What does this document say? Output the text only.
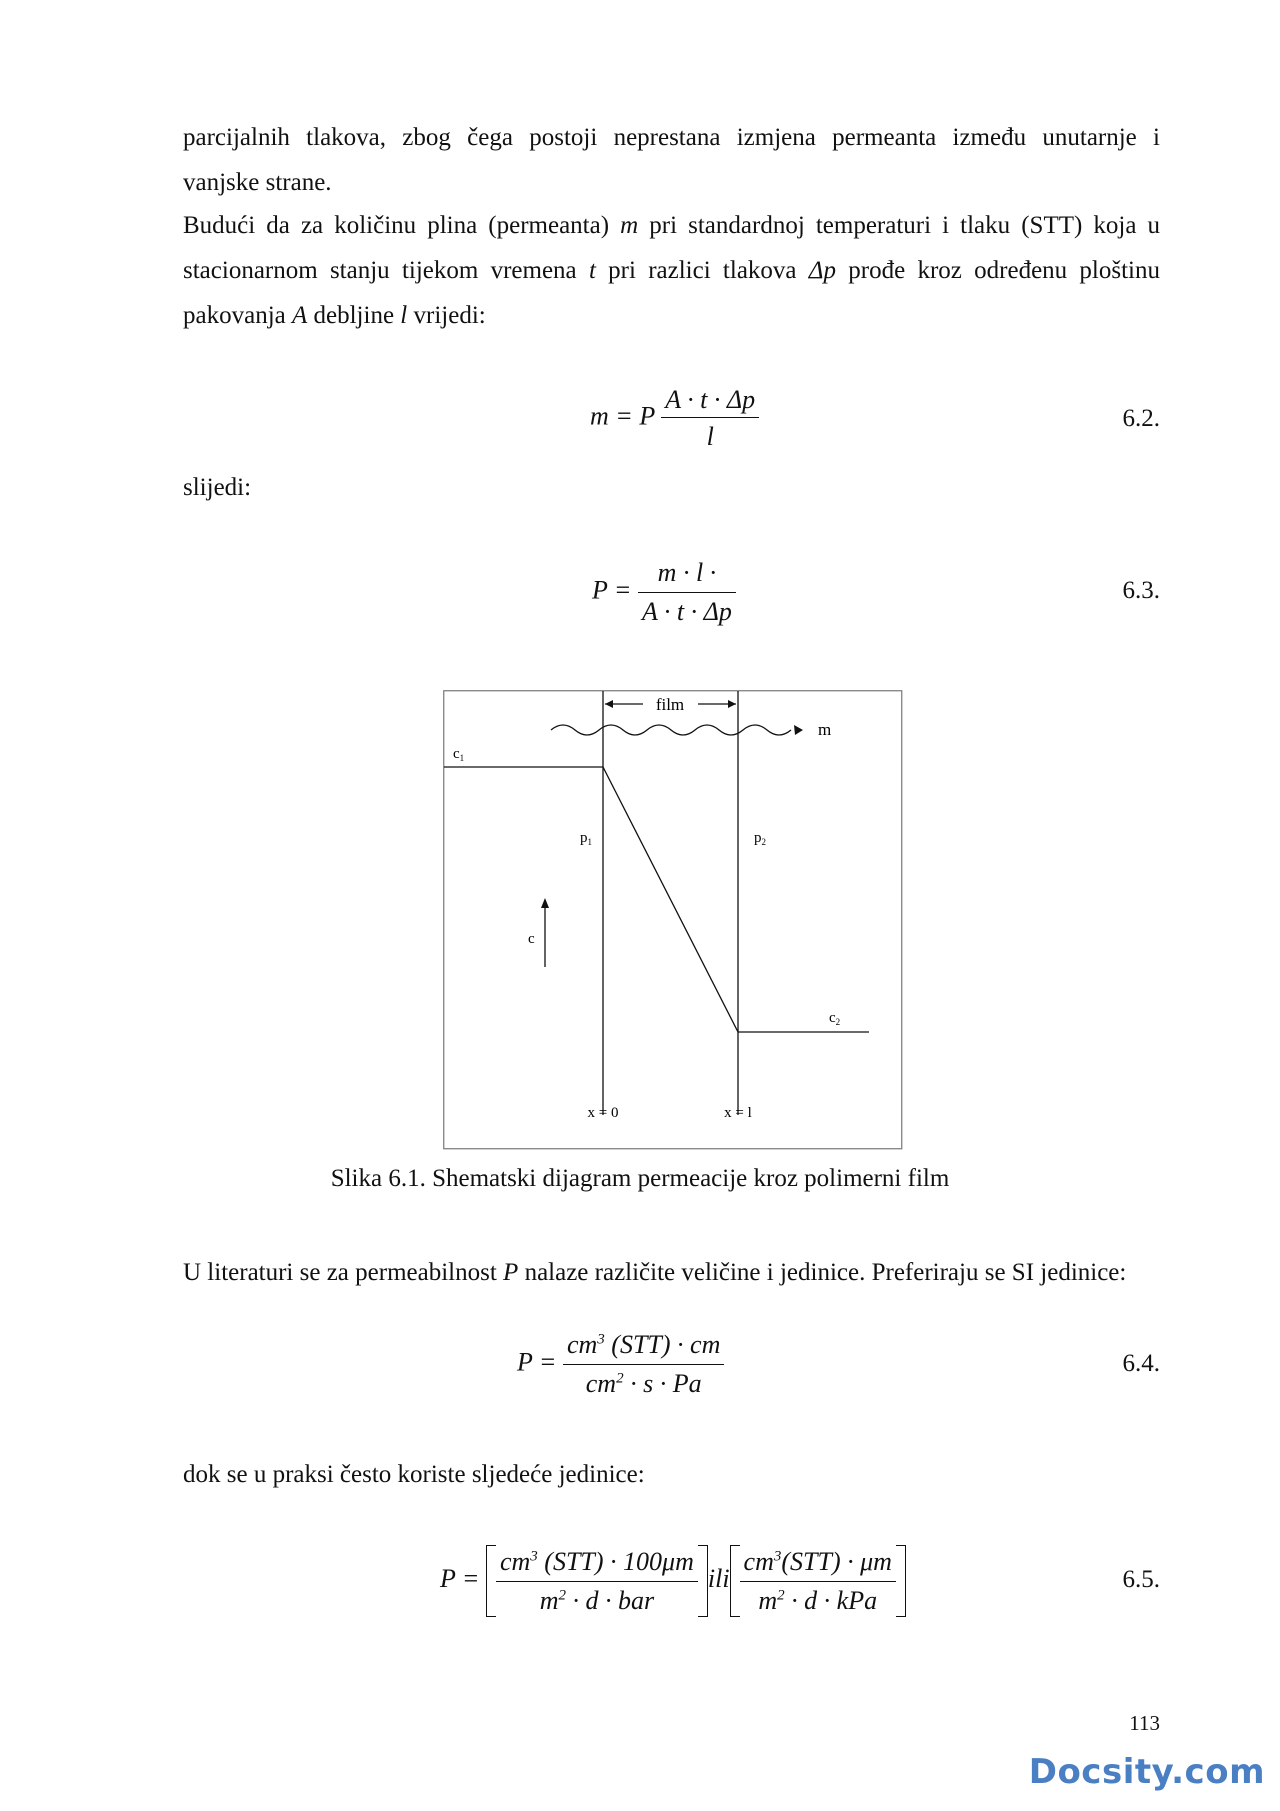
parcijalnih tlakova, zbog čega postoji neprestana izmjena permeanta između unutarnje i
vanjske strane.

Budući da za količinu plina (permeanta) m pri standardnoj temperaturi i tlaku (STT) koja u stacionarnom stanju tijekom vremena t pri razlici tlakova Δp prođe kroz određenu ploštinu pakovanja A debljine l vrijedi:

m = P $\frac{A \cdot t \cdot \Delta p}{l}$	6.2.
slijedi:
$P = \frac{m \cdot l \cdot}{A \cdot t \cdot \Delta p}$	6.3.
film
m
$c_1$
$p_1$	$p_2$
c
$c_2$
x = 0	x = l
Slika 6.1. Shematski dijagram permeacije kroz polimerni film

U literaturi se za permeabilnost P nalaze različite veličine i jedinice. Preferiraju se SI jedinice:

$P = \frac{cm^3 (STT) \cdot cm}{cm^2 \cdot s \cdot Pa}$	6.4.
dok se u praksi često koriste sljedeće jedinice:
$P = \frac{cm^3 (STT) \cdot 100\mu m}{m^2 \cdot d \cdot bar}$ ili $\frac{cm^3(STT) \cdot \mu m}{m^2 \cdot d \cdot kPa}$	6.5.
113
Docsity.com
